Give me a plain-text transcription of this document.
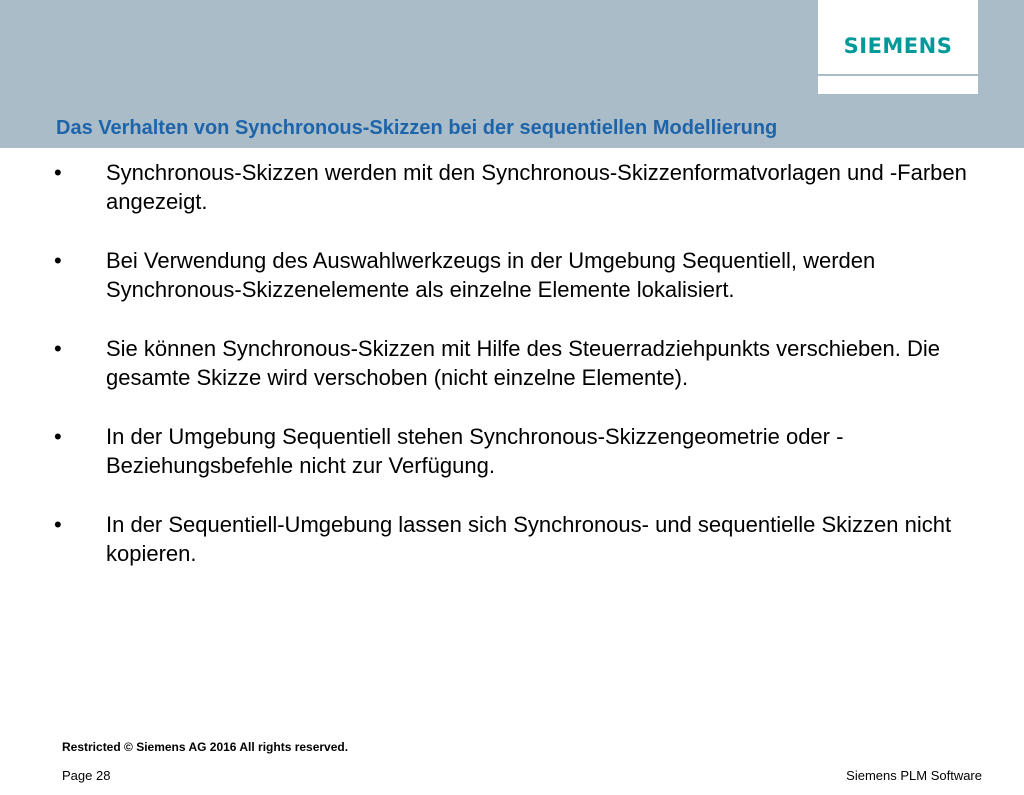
SIEMENS
Das Verhalten von Synchronous-Skizzen bei der sequentiellen Modellierung
• Synchronous-Skizzen werden mit den Synchronous-Skizzenformatvorlagen und -Farben angezeigt.
• Bei Verwendung des Auswahlwerkzeugs in der Umgebung Sequentiell, werden Synchronous-Skizzenelemente als einzelne Elemente lokalisiert.
• Sie können Synchronous-Skizzen mit Hilfe des Steuerradziehpunkts verschieben. Die gesamte Skizze wird verschoben (nicht einzelne Elemente).
• In der Umgebung Sequentiell stehen Synchronous-Skizzengeometrie oder -Beziehungsbefehle nicht zur Verfügung.
• In der Sequentiell-Umgebung lassen sich Synchronous- und sequentielle Skizzen nicht kopieren.
Restricted © Siemens AG 2016 All rights reserved.
Page 28	Siemens PLM Software
